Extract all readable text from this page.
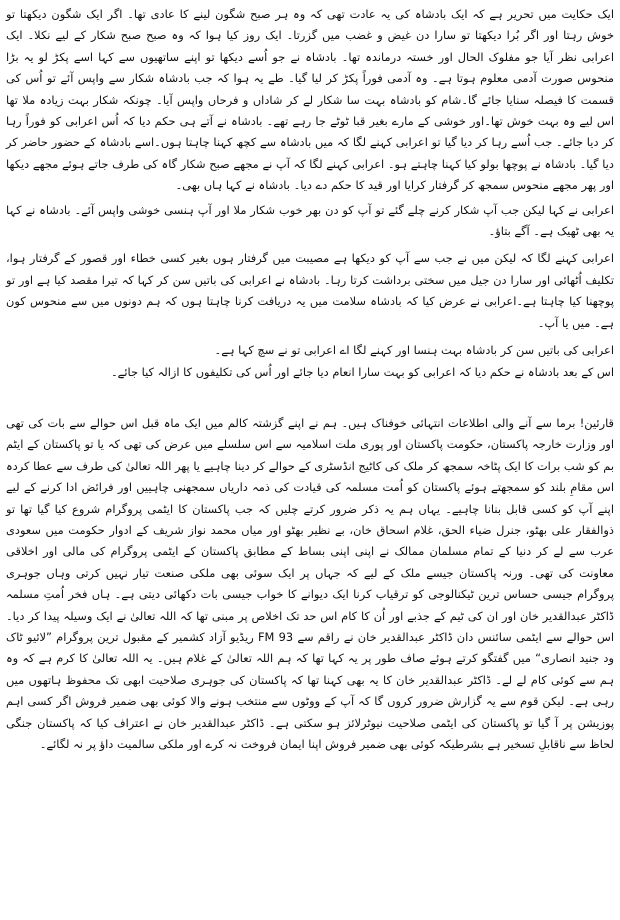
ایک حکایت میں تحریر ہے کہ ایک بادشاہ کی یہ عادت تھی کہ وہ ہر صبح شگون لینے کا عادی تھا۔ اگر ایک شگون دیکھتا تو خوش رہتا اور اگر بُرا دیکھتا تو سارا دن غیض و غضب میں گزرتا۔ ایک روز کیا ہوا کہ وہ صبح صبح شکار کے لیے نکلا۔ ایک اعرابی نظر آیا جو مفلوک الحال اور خستہ درماندہ تھا۔ بادشاہ نے جو اُسے دیکھا تو اپنے ساتھیوں سے کہا اسے پکڑ لو یہ بڑا منحوس صورت آدمی معلوم ہوتا ہے۔ وہ آدمی فوراً پکڑ کر لیا گیا۔ طے یہ ہوا کہ جب بادشاہ شکار سے واپس آئے تو اُس کی قسمت کا فیصلہ سنایا جائے گا۔شام کو بادشاہ بہت سا شکار لے کر شاداں و فرحاں واپس آیا۔ چونکہ شکار بہت زیادہ ملا تھا اس لیے وہ بہت خوش تھا۔اور خوشی کے مارے بغیر قبا ٹوٹے جا رہے تھے۔ بادشاہ نے آتے ہی حکم دیا کہ اُس اعرابی کو فوراً رہا کر دیا جائے۔ جب اُسے رہا کر دیا گیا تو اعرابی کہنے لگا کہ میں بادشاہ سے کچھ کہنا چاہتا ہوں۔اسے بادشاہ کے حضور حاضر کر دیا گیا۔ بادشاہ نے پوچھا بولو کیا کہنا چاہتے ہو۔ اعرابی کہنے لگا کہ آپ نے مجھے صبح شکار گاہ کی طرف جاتے ہوئے مجھے دیکھا اور پھر مجھے منحوس سمجھ کر گرفتار کرایا اور قید کا حکم دے دیا۔ بادشاہ نے کہا ہاں بھی۔

اعرابی نے کہا لیکن جب آپ شکار کرنے چلے گئے تو آپ کو دن بھر خوب شکار ملا اور آپ ہنسی خوشی واپس آئے۔ بادشاہ نے کہا یہ بھی ٹھیک ہے۔ آگے بتاؤ۔

اعرابی کہنے لگا کہ لیکن میں نے جب سے آپ کو دیکھا ہے مصیبت میں گرفتار ہوں بغیر کسی خطاء اور قصور کے گرفتار ہوا، تکلیف اُٹھائی اور سارا دن جیل میں سختی برداشت کرتا رہا۔ بادشاہ نے اعرابی کی باتیں سن کر کہا کہ تیرا مقصد کیا ہے اور تو پوچھنا کیا چاہتا ہے۔اعرابی نے عرض کیا کہ بادشاہ سلامت میں یہ دریافت کرنا چاہتا ہوں کہ ہم دونوں میں سے منحوس کون ہے۔ میں یا آپ۔

اعرابی کی باتیں سن کر بادشاہ بہت ہنسا اور کہنے لگا اے اعرابی تو نے سچ کہا ہے۔

اس کے بعد بادشاہ نے حکم دیا کہ اعرابی کو بہت سارا انعام دیا جائے اور اُس کی تکلیفوں کا ازالہ کیا جائے۔

قارئین! برما سے آنے والی اطلاعات انتہائی خوفناک ہیں۔ ہم نے اپنے گزشتہ کالم میں ایک ماہ قبل اس حوالے سے بات کی تھی اور وزارت خارجہ پاکستان، حکومت پاکستان اور پوری ملت اسلامیہ سے اس سلسلے میں عرض کی تھی کہ یا تو پاکستان کے ایٹم بم کو شب برات کا ایک پٹاخہ سمجھ کر ملک کی کاٹیج انڈسٹری کے حوالے کر دینا چاہیے یا پھر اللہ تعالیٰ کی طرف سے عطا کردہ اس مقامِ بلند کو سمجھتے ہوئے پاکستان کو اُمت مسلمہ کی قیادت کی ذمہ داریاں سمجھنی چاہییں اور فرائض ادا کرنے کے لیے اپنے آپ کو کسی قابل بنانا چاہیے۔ یہاں ہم یہ ذکر ضرور کرتے چلیں کہ جب پاکستان کا ایٹمی پروگرام شروع کیا گیا تھا تو ذوالفقار علی بھٹو، جنرل ضیاء الحق، غلام اسحاق خان، بے نظیر بھٹو اور میاں محمد نواز شریف کے ادوار حکومت میں سعودی عرب سے لے کر دنیا کے تمام مسلمان ممالک نے اپنی اپنی بساط کے مطابق پاکستان کے ایٹمی پروگرام کی مالی اور اخلاقی معاونت کی تھی۔ ورنہ پاکستان جیسے ملک کے لیے کہ جہاں پر ایک سوئی بھی ملکی صنعت تیار نہیں کرتی وہاں جوہری پروگرام جیسی حساس ترین ٹیکنالوجی کو ترقیاب کرنا ایک دیوانے کا خواب جیسی بات دکھائی دیتی ہے۔ ہاں فخر اُمتِ مسلمہ ڈاکٹر عبدالقدیر خان اور ان کی ٹیم کے جذبے اور اُن کا کام اس حد تک اخلاص پر مبنی تھا کہ اللہ تعالیٰ نے ایک وسیلہ پیدا کر دیا۔ اس حوالے سے ایٹمی سائنس دان ڈاکٹر عبدالقدیر خان نے راقم سے FM 93 ریڈیو آزاد کشمیر کے مقبول ترین پروگرام ”لائیو ٹاک ود جنید انصاری“ میں گفتگو کرتے ہوئے صاف طور پر یہ کہا تھا کہ ہم اللہ تعالیٰ کے غلام ہیں۔ یہ اللہ تعالیٰ کا کرم ہے کہ وہ ہم سے کوئی کام لے لے۔ ڈاکٹر عبدالقدیر خان کا یہ بھی کہنا تھا کہ پاکستان کی جوہری صلاحیت ابھی تک محفوظ ہاتھوں میں رہی ہے۔ لیکن قوم سے یہ گزارش ضرور کروں گا کہ آپ کے ووٹوں سے منتخب ہونے والا کوئی بھی ضمیر فروش اگر کسی اہم پوزیشن پر آ گیا تو پاکستان کی ایٹمی صلاحیت نیوٹرلائز ہو سکتی ہے۔ ڈاکٹر عبدالقدیر خان نے اعتراف کیا کہ پاکستان جنگی لحاظ سے ناقابلِ تسخیر ہے بشرطیکہ کوئی بھی ضمیر فروش اپنا ایمان فروخت نہ کرے اور ملکی سالمیت داؤ پر نہ لگائے۔
